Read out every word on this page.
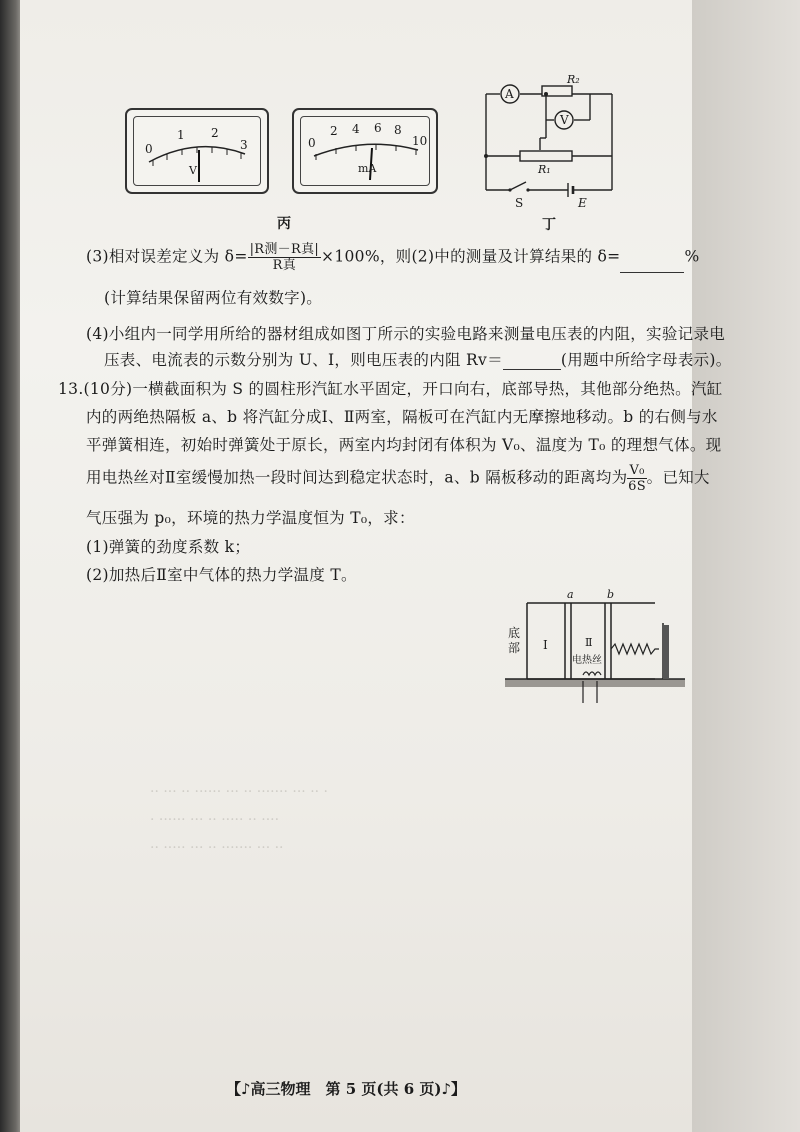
·· ··· ·· ······ ··· ·· ······· ··· ·· ·
· ······ ··· ·· ····· ·· ····
·· ····· ··· ·· ······· ··· ··
0
1 2
3
V
0
2 4 6 8
10
mA
丙
A
V
R₂
R₁
S	E
丁
(3)相对误差定义为 $\delta= \frac{\text{|R测－R真|}}{\text{R真}} \times 100\%$，则(2)中的测量及计算结果的 δ=	%
(计算结果保留两位有效数字)。
(4)小组内一同学用所给的器材组成如图丁所示的实验电路来测量电压表的内阻，实验记录电
压表、电流表的示数分别为 U、I，则电压表的内阻 Rv＝	(用题中所给字母表示)。
13.(10分)一横截面积为 S 的圆柱形汽缸水平固定，开口向右，底部导热，其他部分绝热。汽缸
内的两绝热隔板 a、b 将汽缸分成Ⅰ、Ⅱ两室，隔板可在汽缸内无摩擦地移动。b 的右侧与水
平弹簧相连，初始时弹簧处于原长，两室内均封闭有体积为 V₀、温度为 T₀ 的理想气体。现
用电热丝对Ⅱ室缓慢加热一段时间达到稳定状态时，a、b 隔板移动的距离均为 $\frac{\text{V₀}}{6S}$ 。已知大
气压强为 p₀，环境的热力学温度恒为 T₀，求：
(1)弹簧的劲度系数 k；
(2)加热后Ⅱ室中气体的热力学温度 T。
a	b
底部 Ⅰ	Ⅱ
电热丝
【♪高三物理　第 5 页(共 6 页)♪】
